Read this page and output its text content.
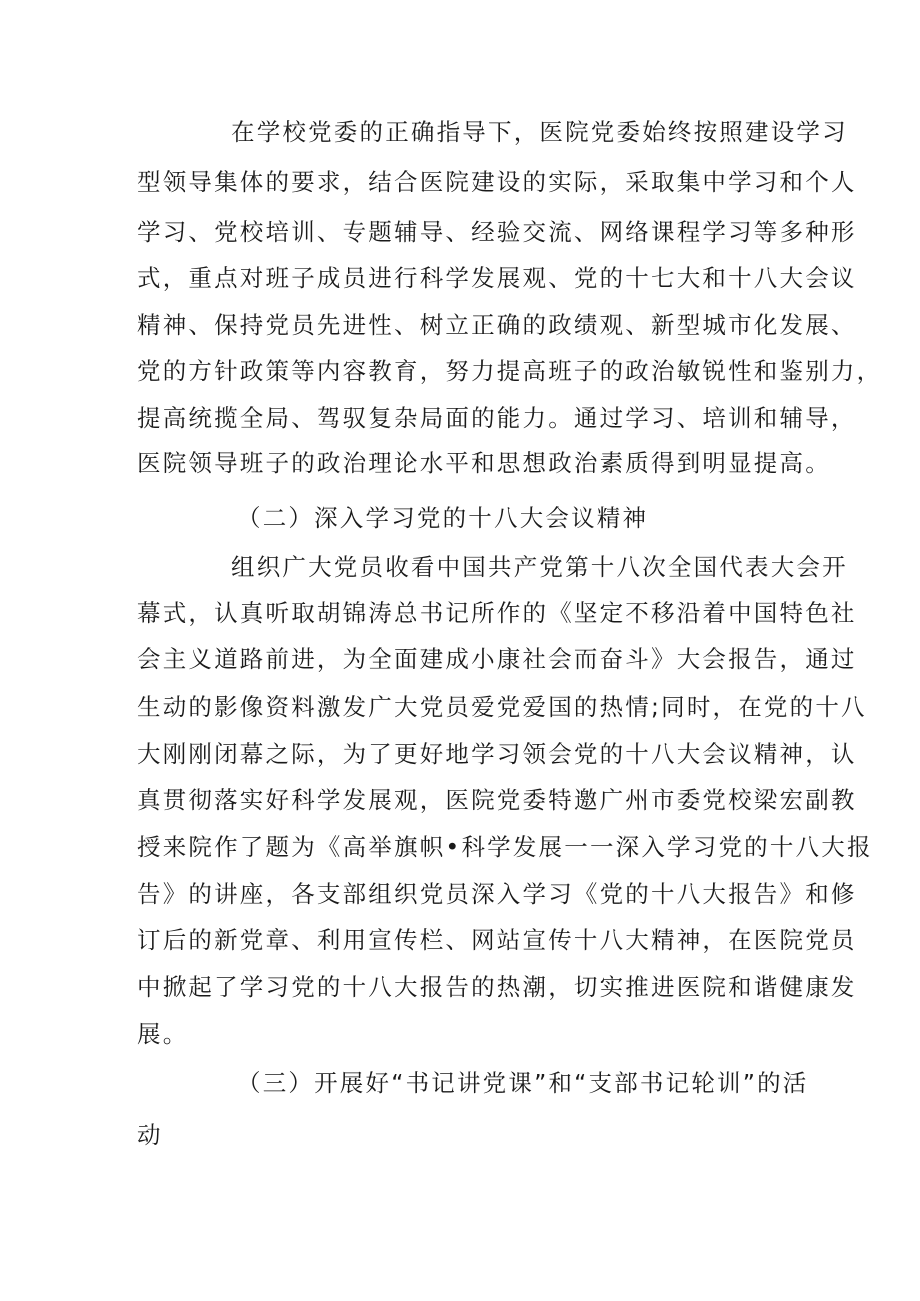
在学校党委的正确指导下，医院党委始终按照建设学习
型领导集体的要求，结合医院建设的实际，采取集中学习和个人
学习、党校培训、专题辅导、经验交流、网络课程学习等多种形
式，重点对班子成员进行科学发展观、党的十七大和十八大会议
精神、保持党员先进性、树立正确的政绩观、新型城市化发展、
党的方针政策等内容教育，努力提高班子的政治敏锐性和鉴别力，
提高统揽全局、驾驭复杂局面的能力。通过学习、培训和辅导，
医院领导班子的政治理论水平和思想政治素质得到明显提高。
（二）深入学习党的十八大会议精神
组织广大党员收看中国共产党第十八次全国代表大会开
幕式，认真听取胡锦涛总书记所作的《坚定不移沿着中国特色社
会主义道路前进，为全面建成小康社会而奋斗》大会报告，通过
生动的影像资料激发广大党员爱党爱国的热情;同时，在党的十八
大刚刚闭幕之际，为了更好地学习领会党的十八大会议精神，认
真贯彻落实好科学发展观，医院党委特邀广州市委党校梁宏副教
授来院作了题为《高举旗帜•科学发展一一深入学习党的十八大报
告》的讲座，各支部组织党员深入学习《党的十八大报告》和修
订后的新党章、利用宣传栏、网站宣传十八大精神，在医院党员
中掀起了学习党的十八大报告的热潮，切实推进医院和谐健康发
展。
（三）开展好“书记讲党课”和“支部书记轮训”的活
动
